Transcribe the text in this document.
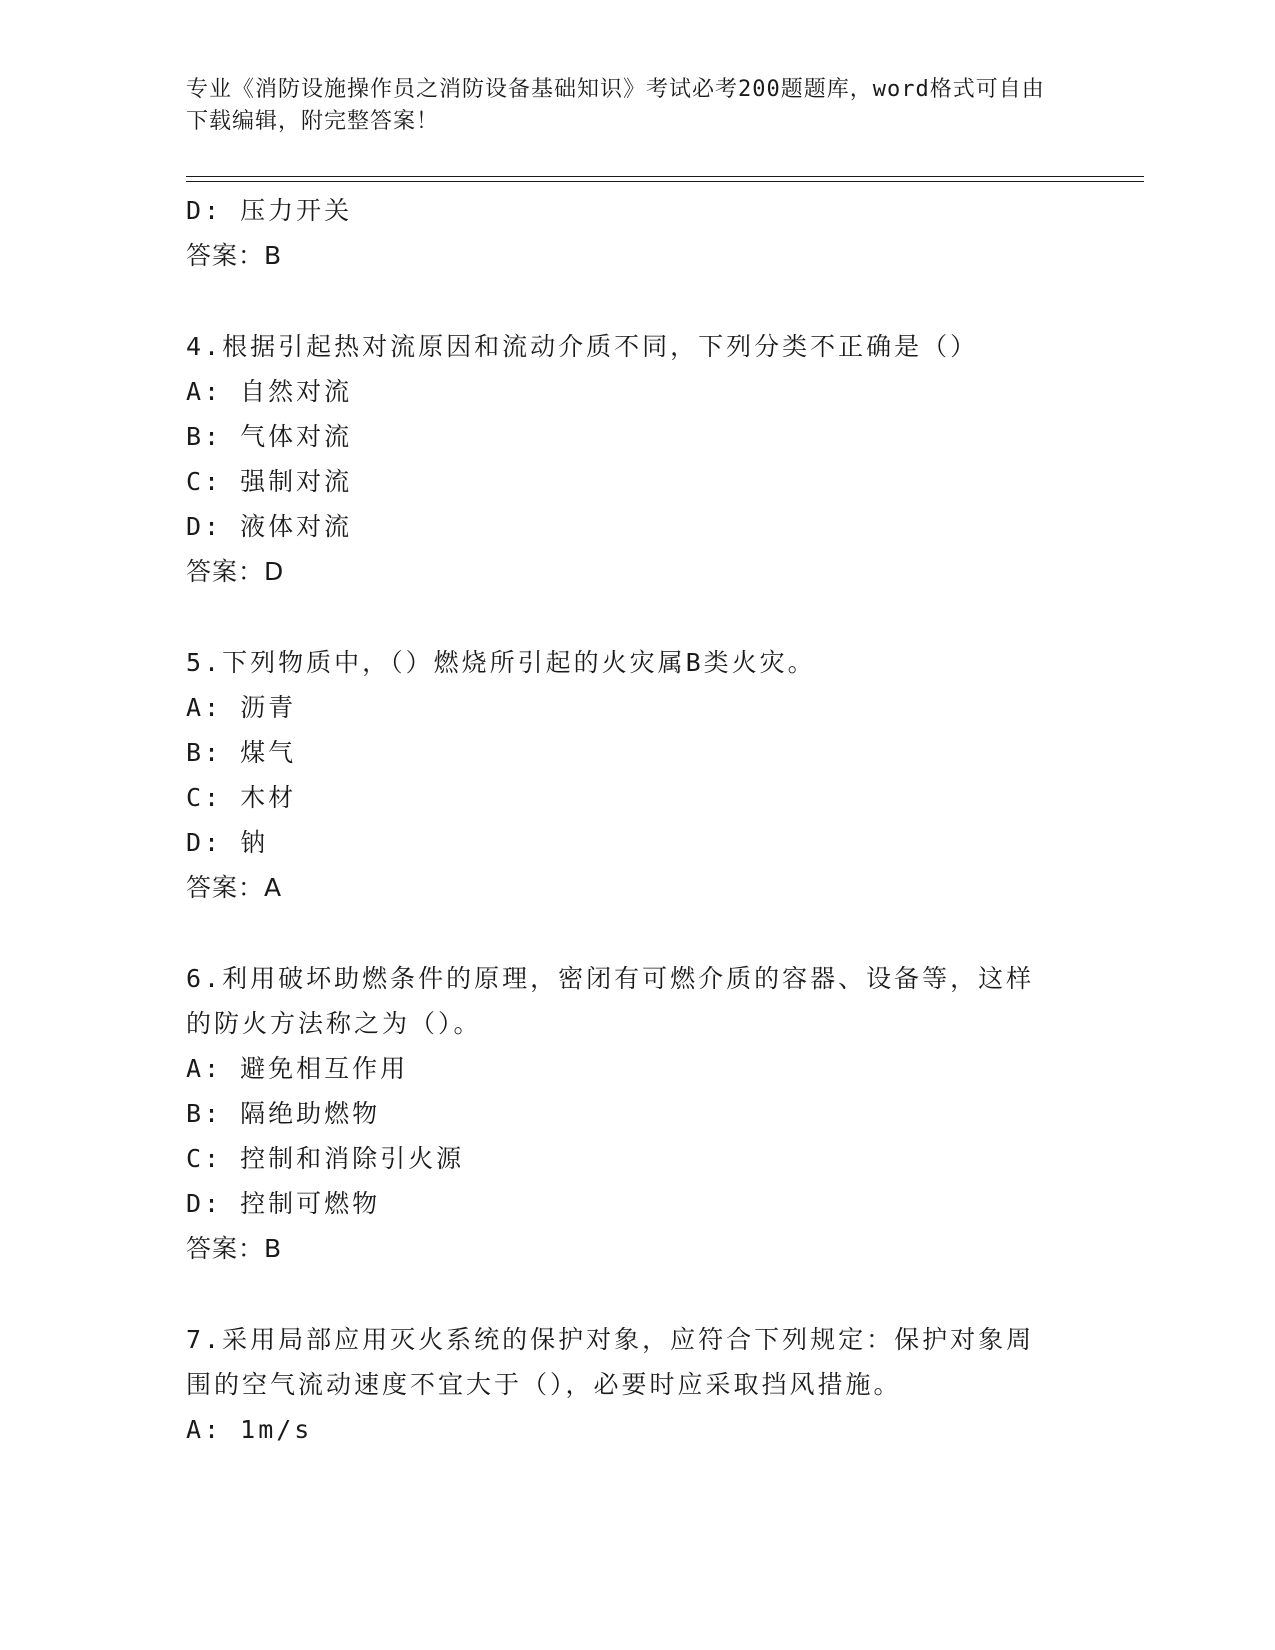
专业《消防设施操作员之消防设备基础知识》考试必考200题题库，word格式可自由下载编辑，附完整答案！
D: 压力开关
答案：B
4.根据引起热对流原因和流动介质不同，下列分类不正确是（）
A: 自然对流
B: 气体对流
C: 强制对流
D: 液体对流
答案：D
5.下列物质中，（）燃烧所引起的火灾属B类火灾。
A: 沥青
B: 煤气
C: 木材
D: 钠
答案：A
6.利用破坏助燃条件的原理，密闭有可燃介质的容器、设备等，这样的防火方法称之为（）。
A: 避免相互作用
B: 隔绝助燃物
C: 控制和消除引火源
D: 控制可燃物
答案：B
7.采用局部应用灭火系统的保护对象，应符合下列规定：保护对象周围的空气流动速度不宜大于（），必要时应采取挡风措施。
A: 1m/s
